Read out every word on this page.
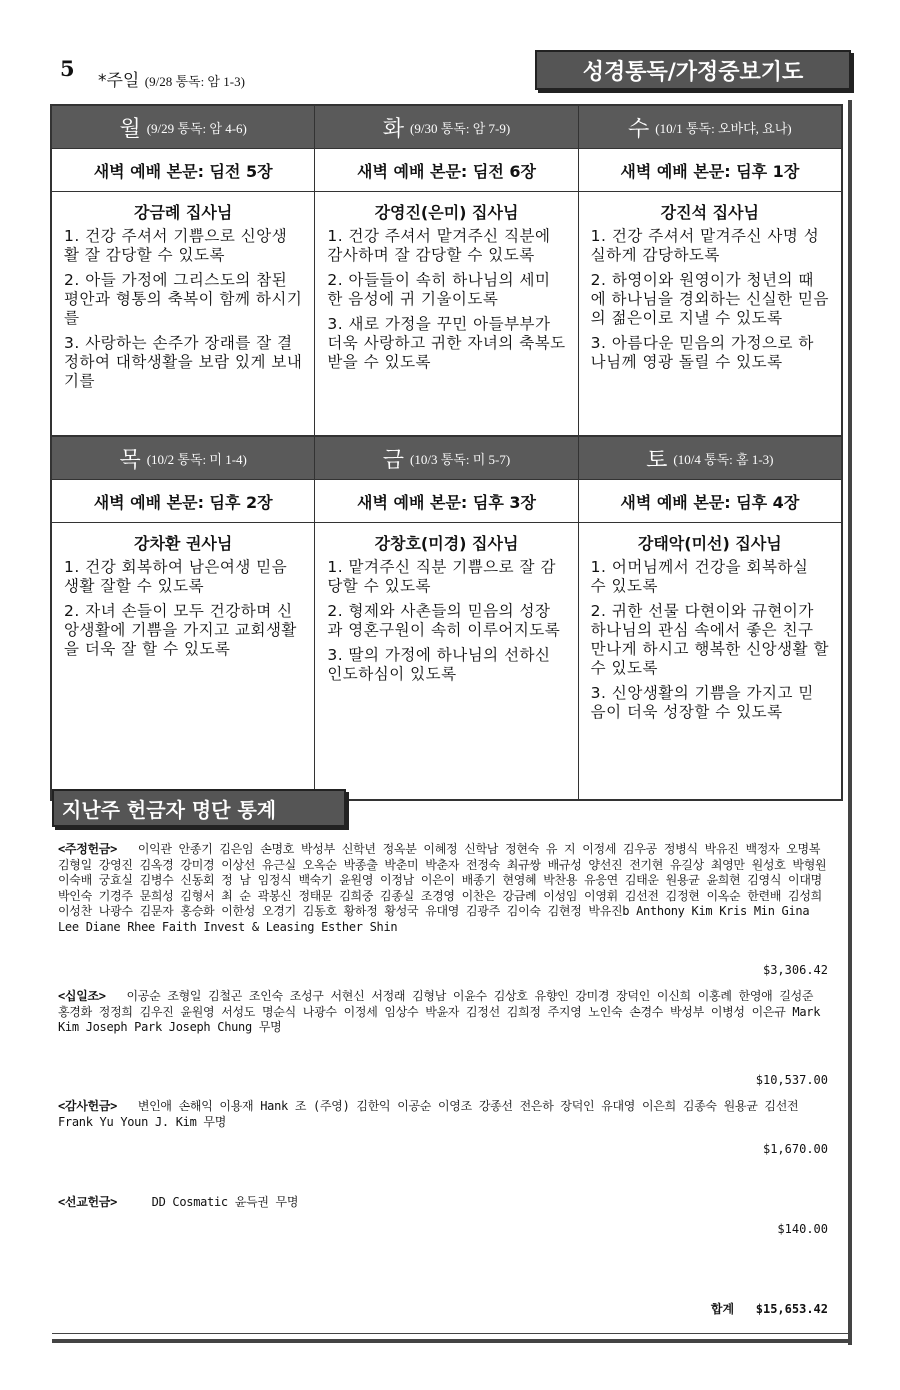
5 *주일 (9/28 통독: 암 1-3)	성경통독/가정중보기도
월 (9/29 통독: 암 4-6)
새벽 예배 본문: 딤전 5장
강금례 집사님

1. 건강 주셔서 기쁨으로 신앙생활 잘 감당할 수 있도록

2. 아들 가정에 그리스도의 참된 평안과 형통의 축복이 함께 하시기를

3. 사랑하는 손주가 장래를 잘 결정하여 대학생활을 보람 있게 보내기를

화 (9/30 통독: 암 7-9)
새벽 예배 본문: 딤전 6장
강영진(은미) 집사님

1. 건강 주셔서 맡겨주신 직분에 감사하며 잘 감당할 수 있도록

2. 아들들이 속히 하나님의 세미한 음성에 귀 기울이도록

3. 새로 가정을 꾸민 아들부부가 더욱 사랑하고 귀한 자녀의 축복도 받을 수 있도록

수 (10/1 통독: 오바댜, 요나)
새벽 예배 본문: 딤후 1장
강진석 집사님

1. 건강 주셔서 맡겨주신 사명 성실하게 감당하도록

2. 하영이와 원영이가 청년의 때에 하나님을 경외하는 신실한 믿음의 젊은이로 지낼 수 있도록

3. 아름다운 믿음의 가정으로 하나님께 영광 돌릴 수 있도록

목 (10/2 통독: 미 1-4)
새벽 예배 본문: 딤후 2장
강차환 권사님

1. 건강 회복하여 남은여생 믿음생활 잘할 수 있도록

2. 자녀 손들이 모두 건강하며 신앙생활에 기쁨을 가지고 교회생활을 더욱 잘 할 수 있도록

금 (10/3 통독: 미 5-7)
새벽 예배 본문: 딤후 3장
강창호(미경) 집사님

1. 맡겨주신 직분 기쁨으로 잘 감당할 수 있도록

2. 형제와 사촌들의 믿음의 성장과 영혼구원이 속히 이루어지도록

3. 딸의 가정에 하나님의 선하신 인도하심이 있도록

토 (10/4 통독: 홈 1-3)
새벽 예배 본문: 딤후 4장
강태악(미선) 집사님

1. 어머님께서 건강을 회복하실 수 있도록

2. 귀한 선물 다현이와 규현이가 하나님의 관심 속에서 좋은 친구 만나게 하시고 행복한 신앙생활 할 수 있도록

3. 신앙생활의 기쁨을 가지고 믿음이 더욱 성장할 수 있도록

지난주 헌금자 명단 통계
<주정헌금> 이익관 안종기 김은임 손명호 박성부 신학년 정옥분 이혜정 신학남 정현숙 유 지 이정세 김우공 정병식 박유진 백정자 오명복 김형일 강영진 김옥경 강미경 이상선 유근실 오옥순 박종출 박춘미 박춘자 전정숙 최규쌍 배규성 양선진 전기현 유길상 최영만 원성호 박형원 이숙배 궁효실 김병수 신동회 정 남 임정식 백숙기 윤원영 이정남 이은이 배종기 현영혜 박찬용 유응연 김태운 원용균 윤희현 김영식 이대명 박인숙 기경주 문희성 김형서 최 순 곽봉신 정태문 김희중 김종실 조경영 이찬은 강금례 이성임 이영휘 김선전 김정현 이옥순 한련배 김성희 이성찬 나광수 김문자 홍승화 이한성 오경기 김동호 황하정 황성국 유대영 김광주 김이숙 김현정 박유진b Anthony Kim Kris Min Gina Lee Diane Rhee Faith Invest & Leasing Esther Shin
$3,306.42
<십일조> 이공순 조형일 김철곤 조인숙 조성구 서현신 서정래 김형남 이윤수 김상호 유향인 강미경 장덕인 이신희 이홍례 한영애 길성준 홍경화 정정희 김우진 윤원영 서성도 명순식 나광수 이정세 임상수 박윤자 김정선 김희정 주지영 노인숙 손경수 박성부 이병성 이은규 Mark Kim Joseph Park Joseph Chung 무명
$10,537.00
<감사헌금> 변인애 손해익 이용재 Hank 조 (주영) 김한익 이공순 이영조 강종선 전은하 장덕인 유대영 이은희 김종숙 원용균 김선전 Frank Yu Youn J. Kim 무명
$1,670.00
<선교헌금>	DD Cosmatic 윤득권 무명
$140.00
합계 $15,653.42
